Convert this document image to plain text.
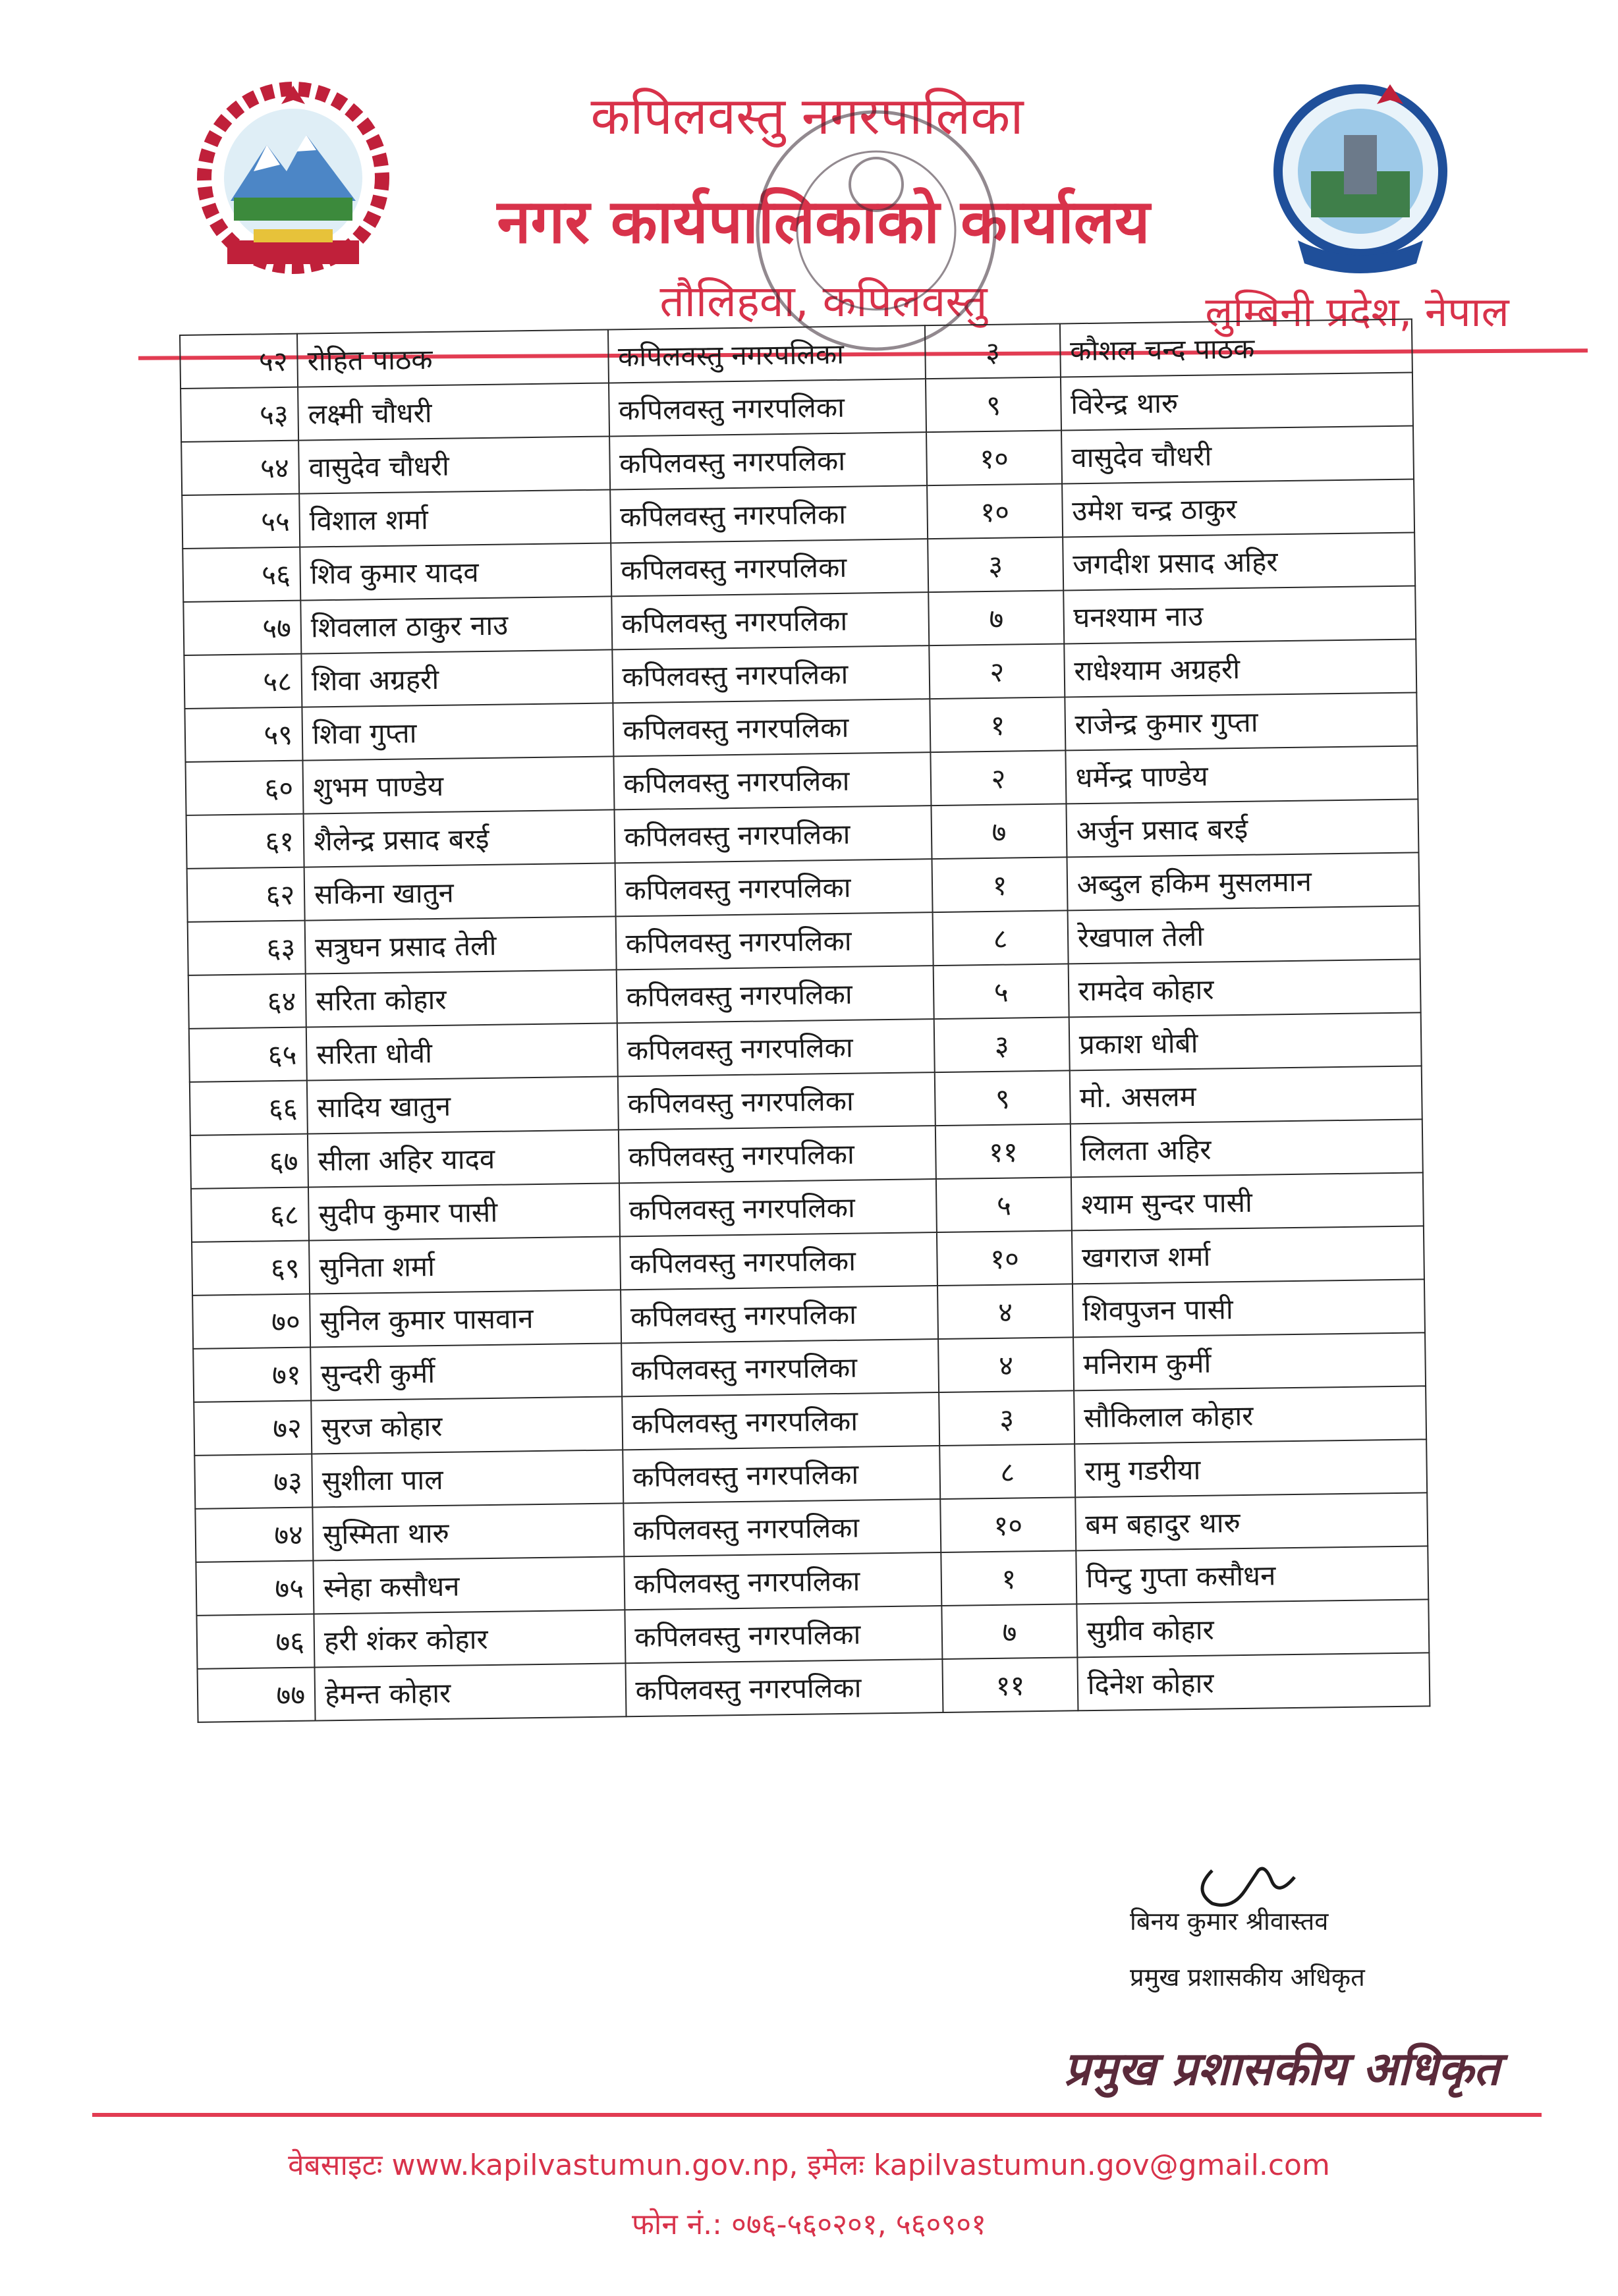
कपिलवस्तु नगरपालिका
नगर कार्यपालिकाको कार्यालय
तौलिहवा, कपिलवस्तु	लुम्बिनी प्रदेश, नेपाल
५२	रोहित पाठक	कपिलवस्तु नगरपलिका	३	कौशल चन्द पाठक
५३	लक्ष्मी चौधरी	कपिलवस्तु नगरपलिका	९	विरेन्द्र थारु
५४	वासुदेव चौधरी	कपिलवस्तु नगरपलिका	१०	वासुदेव चौधरी
५५	विशाल शर्मा	कपिलवस्तु नगरपलिका	१०	उमेश चन्द्र ठाकुर
५६	शिव कुमार यादव	कपिलवस्तु नगरपलिका	३	जगदीश प्रसाद अहिर
५७	शिवलाल ठाकुर नाउ	कपिलवस्तु नगरपलिका	७	घनश्याम नाउ
५८	शिवा अग्रहरी	कपिलवस्तु नगरपलिका	२	राधेश्याम अग्रहरी
५९	शिवा गुप्ता	कपिलवस्तु नगरपलिका	१	राजेन्द्र कुमार गुप्ता
६०	शुभम पाण्डेय	कपिलवस्तु नगरपलिका	२	धर्मेन्द्र पाण्डेय
६१	शैलेन्द्र प्रसाद बरई	कपिलवस्तु नगरपलिका	७	अर्जुन प्रसाद बरई
६२	सकिना खातुन	कपिलवस्तु नगरपलिका	१	अब्दुल हकिम मुसलमान
६३	सत्रुघन प्रसाद तेली	कपिलवस्तु नगरपलिका	८	रेखपाल तेली
६४	सरिता कोहार	कपिलवस्तु नगरपलिका	५	रामदेव कोहार
६५	सरिता धोवी	कपिलवस्तु नगरपलिका	३	प्रकाश धोबी
६६	सादिय खातुन	कपिलवस्तु नगरपलिका	९	मो. असलम
६७	सीला अहिर यादव	कपिलवस्तु नगरपलिका	११	लिलता अहिर
६८	सुदीप कुमार पासी	कपिलवस्तु नगरपलिका	५	श्याम सुन्दर पासी
६९	सुनिता शर्मा	कपिलवस्तु नगरपलिका	१०	खगराज शर्मा
७०	सुनिल कुमार पासवान	कपिलवस्तु नगरपलिका	४	शिवपुजन पासी
७१	सुन्दरी कुर्मी	कपिलवस्तु नगरपलिका	४	मनिराम कुर्मी
७२	सुरज कोहार	कपिलवस्तु नगरपलिका	३	सौकिलाल कोहार
७३	सुशीला पाल	कपिलवस्तु नगरपलिका	८	रामु गडरीया
७४	सुस्मिता थारु	कपिलवस्तु नगरपलिका	१०	बम बहादुर थारु
७५	स्नेहा कसौधन	कपिलवस्तु नगरपलिका	१	पिन्टु गुप्ता कसौधन
७६	हरी शंकर कोहार	कपिलवस्तु नगरपलिका	७	सुग्रीव कोहार
७७	हेमन्त कोहार	कपिलवस्तु नगरपलिका	११	दिनेश कोहार
बिनय कुमार श्रीवास्तव
प्रमुख प्रशासकीय अधिकृत
प्रमुख प्रशासकीय अधिकृत
वेबसाइटः www.kapilvastumun.gov.np, इमेलः kapilvastumun.gov@gmail.com
फोन नं.: ०७६-५६०२०१, ५६०९०१
